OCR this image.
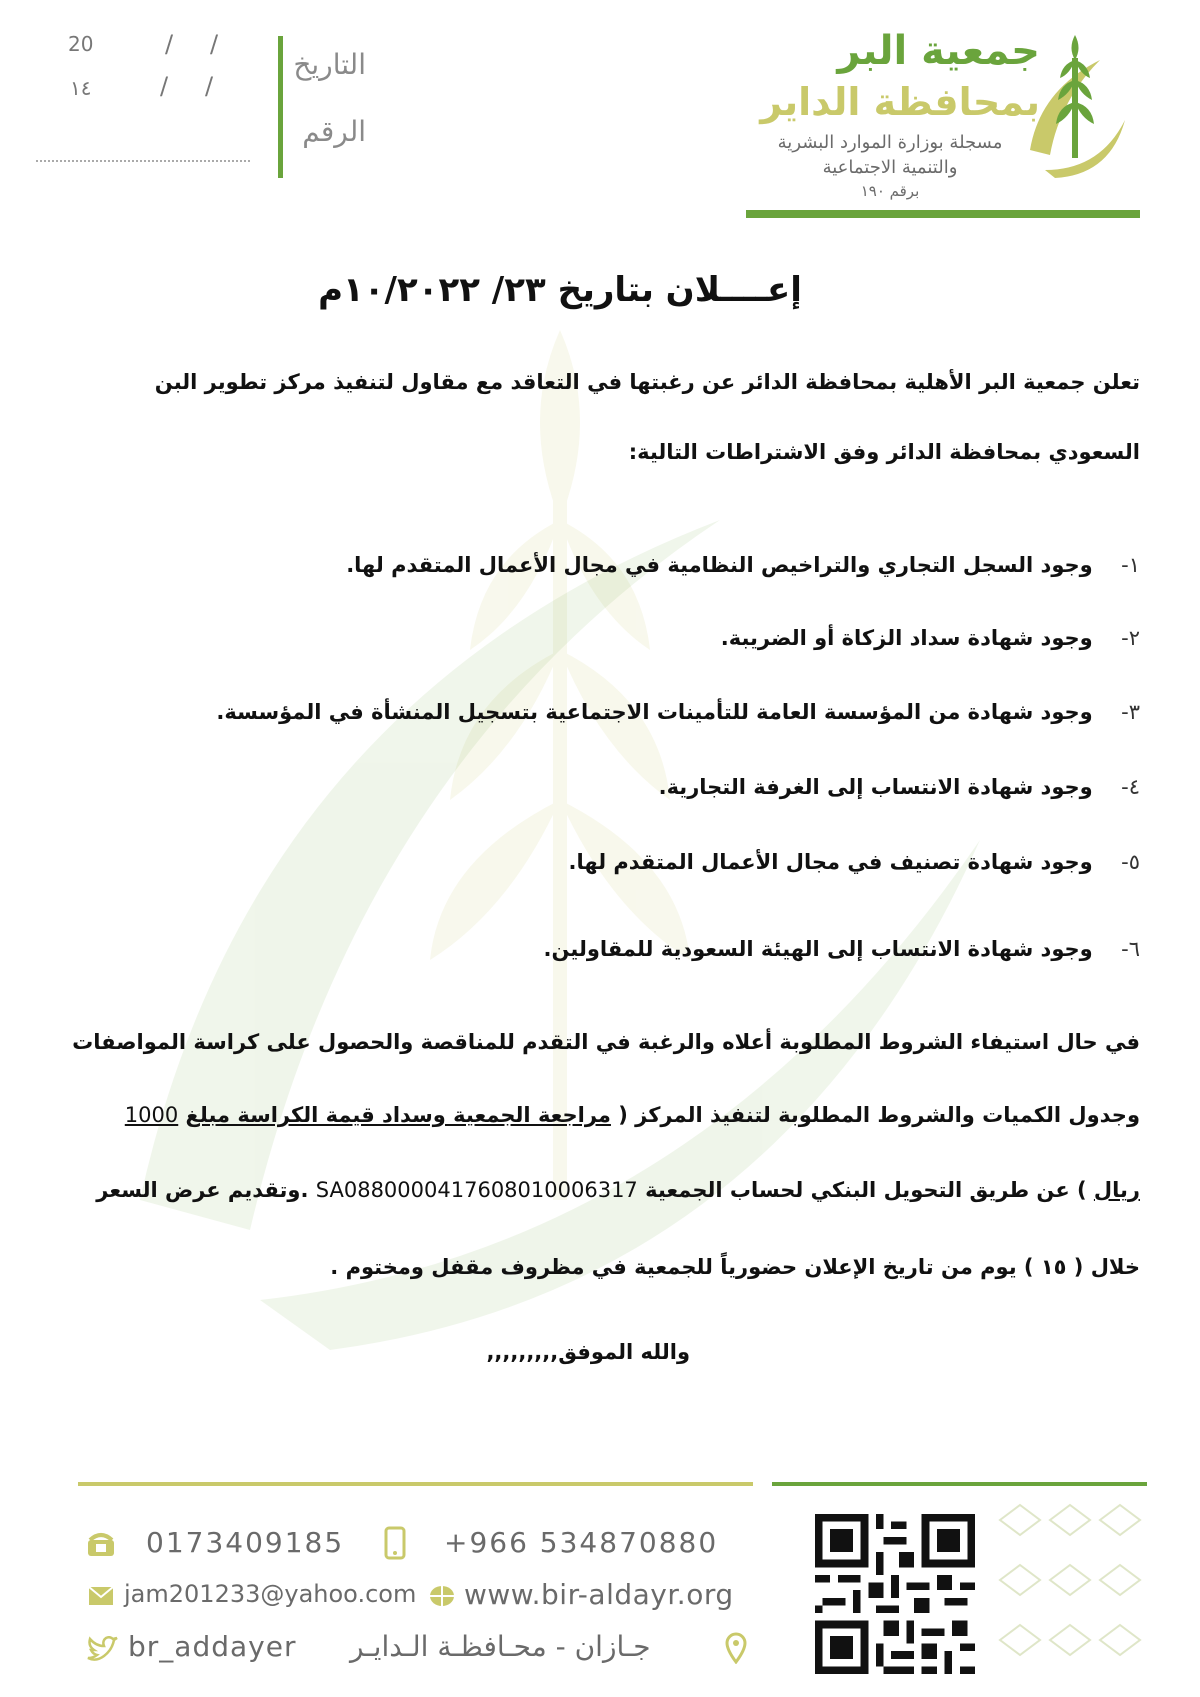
جمعية البر
بمحافظة الداير
مسجلة بوزارة الموارد البشرية
والتنمية الاجتماعية
برقم ١٩٠
التاريخ
الرقم
20
١٤
/ /
/ /
إعــــلان بتاريخ ٢٣/ ١٠/٢٠٢٢م
تعلن جمعية البر الأهلية بمحافظة الدائر عن رغبتها في التعاقد مع مقاول لتنفيذ مركز تطوير البن
السعودي بمحافظة الدائر وفق الاشتراطات التالية:
١- وجود السجل التجاري والتراخيص النظامية في مجال الأعمال المتقدم لها.
٢- وجود شهادة سداد الزكاة أو الضريبة.
٣- وجود شهادة من المؤسسة العامة للتأمينات الاجتماعية بتسجيل المنشأة في المؤسسة.
٤- وجود شهادة الانتساب إلى الغرفة التجارية.
٥- وجود شهادة تصنيف في مجال الأعمال المتقدم لها.
٦- وجود شهادة الانتساب إلى الهيئة السعودية للمقاولين.
في حال استيفاء الشروط المطلوبة أعلاه والرغبة في التقدم للمناقصة والحصول على كراسة المواصفات
وجدول الكميات والشروط المطلوبة لتنفيذ المركز ( مراجعة الجمعية وسداد قيمة الكراسة مبلغ 1000
ريال ) عن طريق التحويل البنكي لحساب الجمعية SA0880000417608010006317 .وتقديم عرض السعر
خلال ( ١٥ ) يوم من تاريخ الإعلان حضورياً للجمعية في مظروف مقفل ومختوم .
والله الموفق,,,,,,,,,
0173409185	+966 534870880
jam201233@yahoo.com www.bir-aldayr.org
br_addayer جـازان - محـافظـة الـدايـر
